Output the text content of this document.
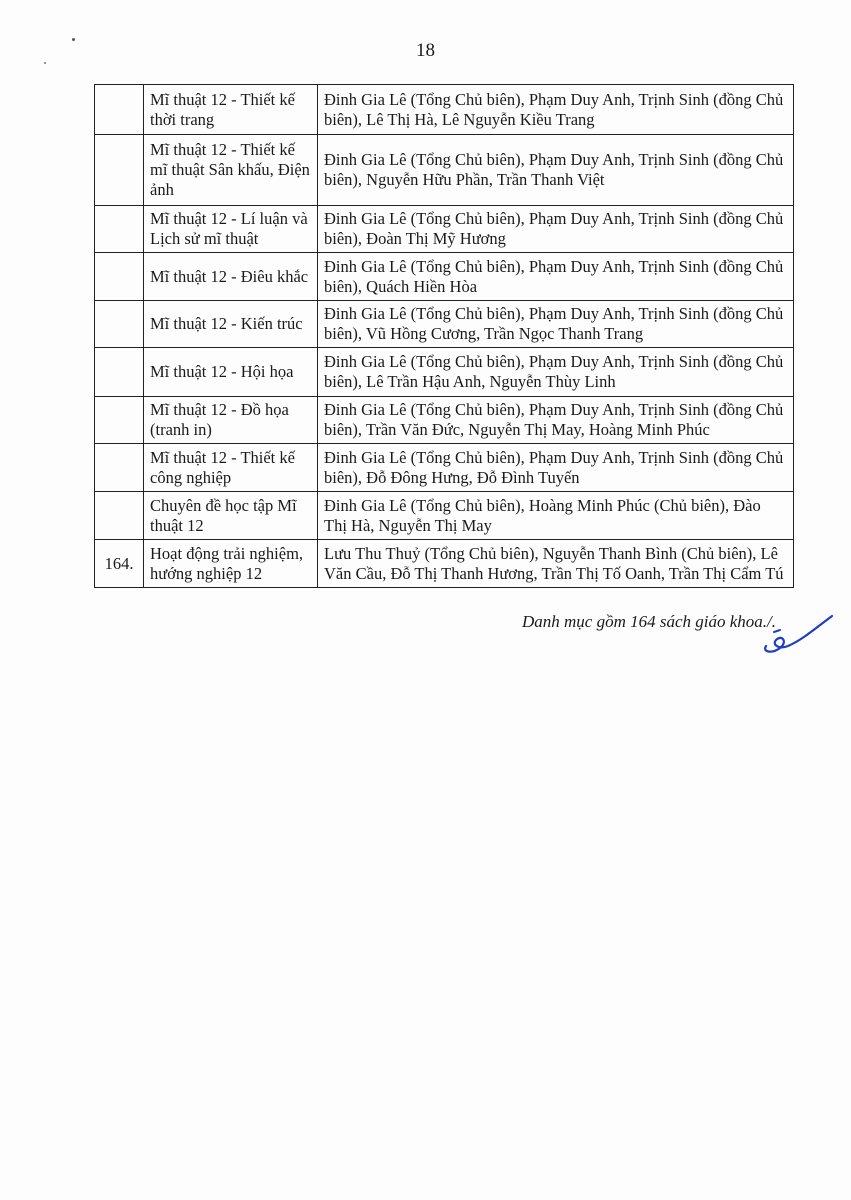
18
	Mĩ thuật 12 - Thiết kế thời trang	Đinh Gia Lê (Tổng Chủ biên), Phạm Duy Anh, Trịnh Sinh (đồng Chủ biên), Lê Thị Hà, Lê Nguyễn Kiều Trang
	Mĩ thuật 12 - Thiết kế mĩ thuật Sân khấu, Điện ảnh	Đinh Gia Lê (Tổng Chủ biên), Phạm Duy Anh, Trịnh Sinh (đồng Chủ biên), Nguyễn Hữu Phần, Trần Thanh Việt
	Mĩ thuật 12 - Lí luận và Lịch sử mĩ thuật	Đinh Gia Lê (Tổng Chủ biên), Phạm Duy Anh, Trịnh Sinh (đồng Chủ biên), Đoàn Thị Mỹ Hương
	Mĩ thuật 12 - Điêu khắc	Đinh Gia Lê (Tổng Chủ biên), Phạm Duy Anh, Trịnh Sinh (đồng Chủ biên), Quách Hiền Hòa
	Mĩ thuật 12 - Kiến trúc	Đinh Gia Lê (Tổng Chủ biên), Phạm Duy Anh, Trịnh Sinh (đồng Chủ biên), Vũ Hồng Cương, Trần Ngọc Thanh Trang
	Mĩ thuật 12 - Hội họa	Đinh Gia Lê (Tổng Chủ biên), Phạm Duy Anh, Trịnh Sinh (đồng Chủ biên), Lê Trần Hậu Anh, Nguyễn Thùy Linh
	Mĩ thuật 12 - Đồ họa (tranh in)	Đinh Gia Lê (Tổng Chủ biên), Phạm Duy Anh, Trịnh Sinh (đồng Chủ biên), Trần Văn Đức, Nguyễn Thị May, Hoàng Minh Phúc
	Mĩ thuật 12 - Thiết kế công nghiệp	Đinh Gia Lê (Tổng Chủ biên), Phạm Duy Anh, Trịnh Sinh (đồng Chủ biên), Đỗ Đông Hưng, Đỗ Đình Tuyến
	Chuyên đề học tập Mĩ thuật 12	Đinh Gia Lê (Tổng Chủ biên), Hoàng Minh Phúc (Chủ biên), Đào Thị Hà, Nguyễn Thị May
164.	Hoạt động trải nghiệm, hướng nghiệp 12	Lưu Thu Thuỷ (Tổng Chủ biên), Nguyễn Thanh Bình (Chủ biên), Lê Văn Cầu, Đỗ Thị Thanh Hương, Trần Thị Tố Oanh, Trần Thị Cẩm Tú
Danh mục gồm 164 sách giáo khoa./.
